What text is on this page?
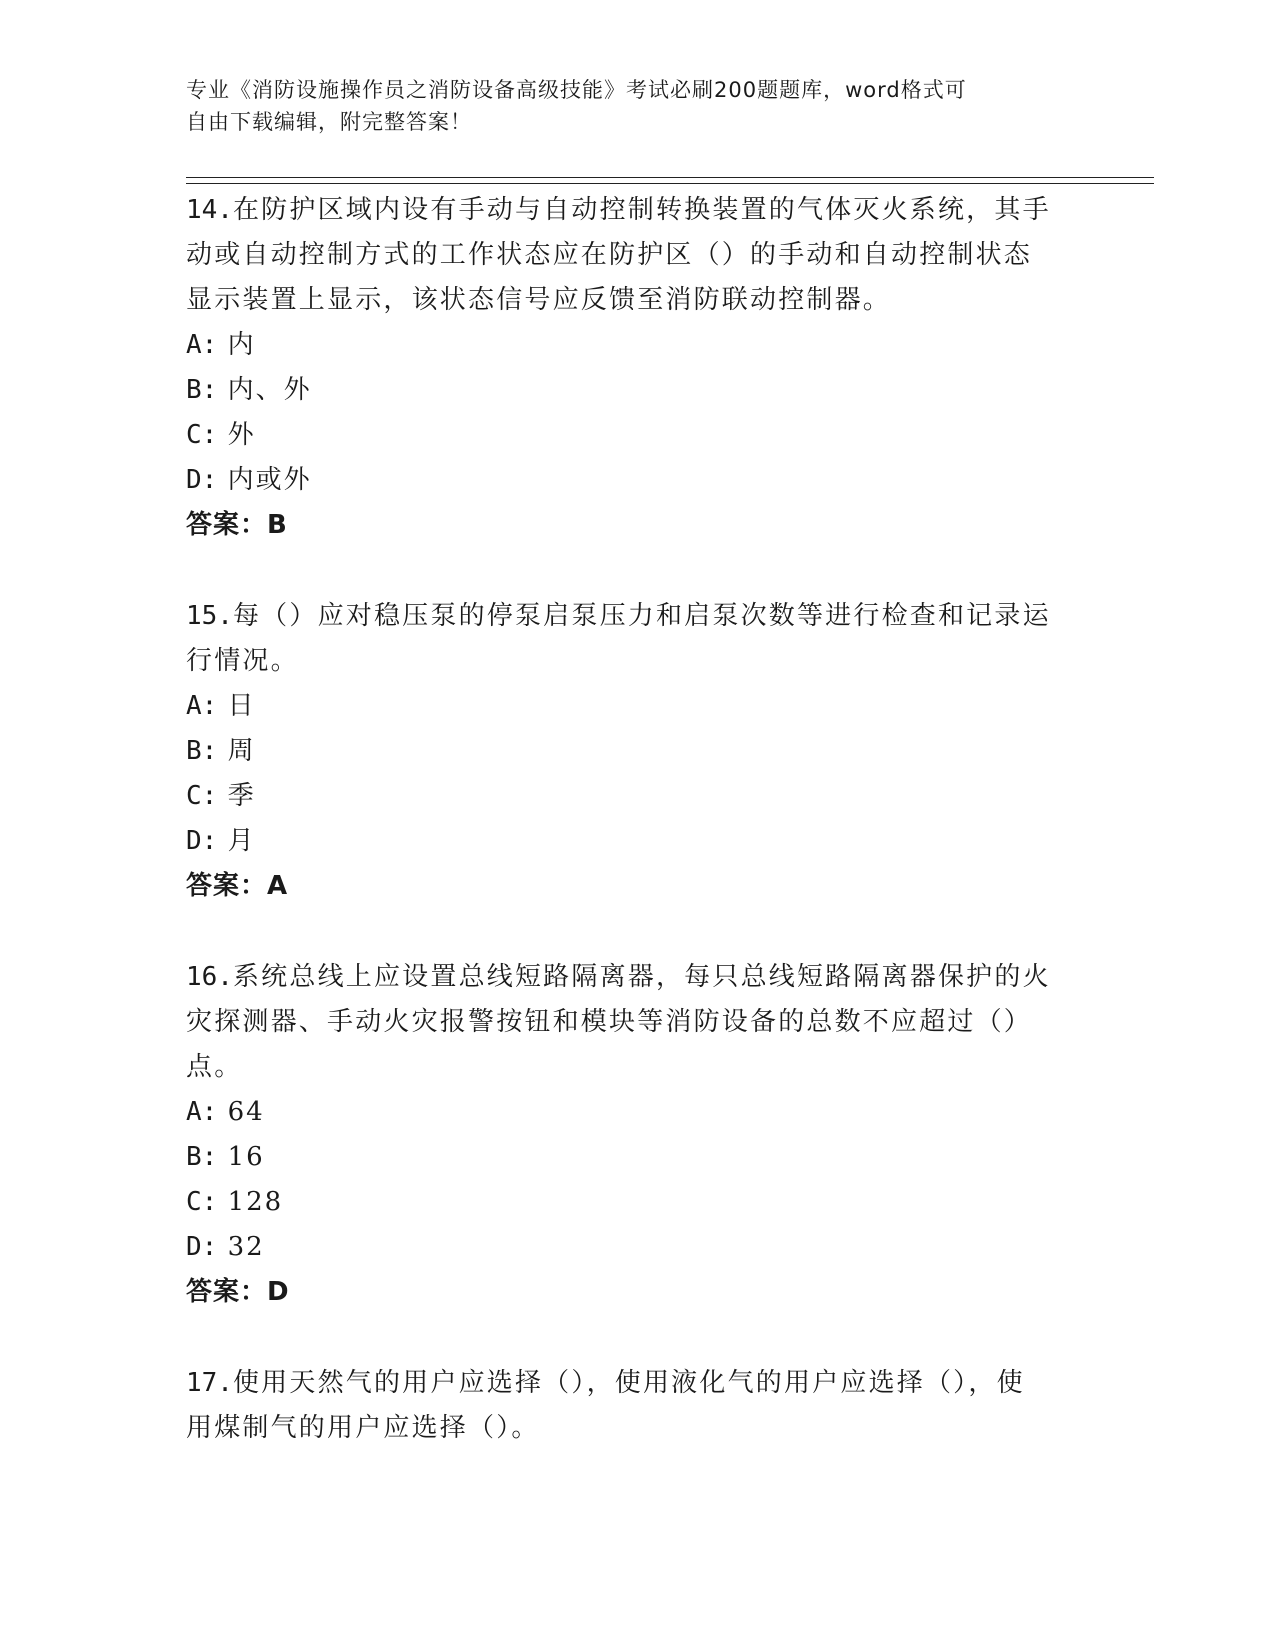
专业《消防设施操作员之消防设备高级技能》考试必刷200题题库，word格式可
自由下载编辑，附完整答案！

14.在防护区域内设有手动与自动控制转换装置的气体灭火系统，其手

动或自动控制方式的工作状态应在防护区（）的手动和自动控制状态

显示装置上显示，该状态信号应反馈至消防联动控制器。

A: 内

B: 内、外

C: 外

D: 内或外

答案：B

15.每（）应对稳压泵的停泵启泵压力和启泵次数等进行检查和记录运

行情况。

A: 日

B: 周

C: 季

D: 月

答案：A

16.系统总线上应设置总线短路隔离器，每只总线短路隔离器保护的火

灾探测器、手动火灾报警按钮和模块等消防设备的总数不应超过（）

点。

A: 64

B: 16

C: 128

D: 32

答案：D

17.使用天然气的用户应选择（），使用液化气的用户应选择（），使

用煤制气的用户应选择（）。
